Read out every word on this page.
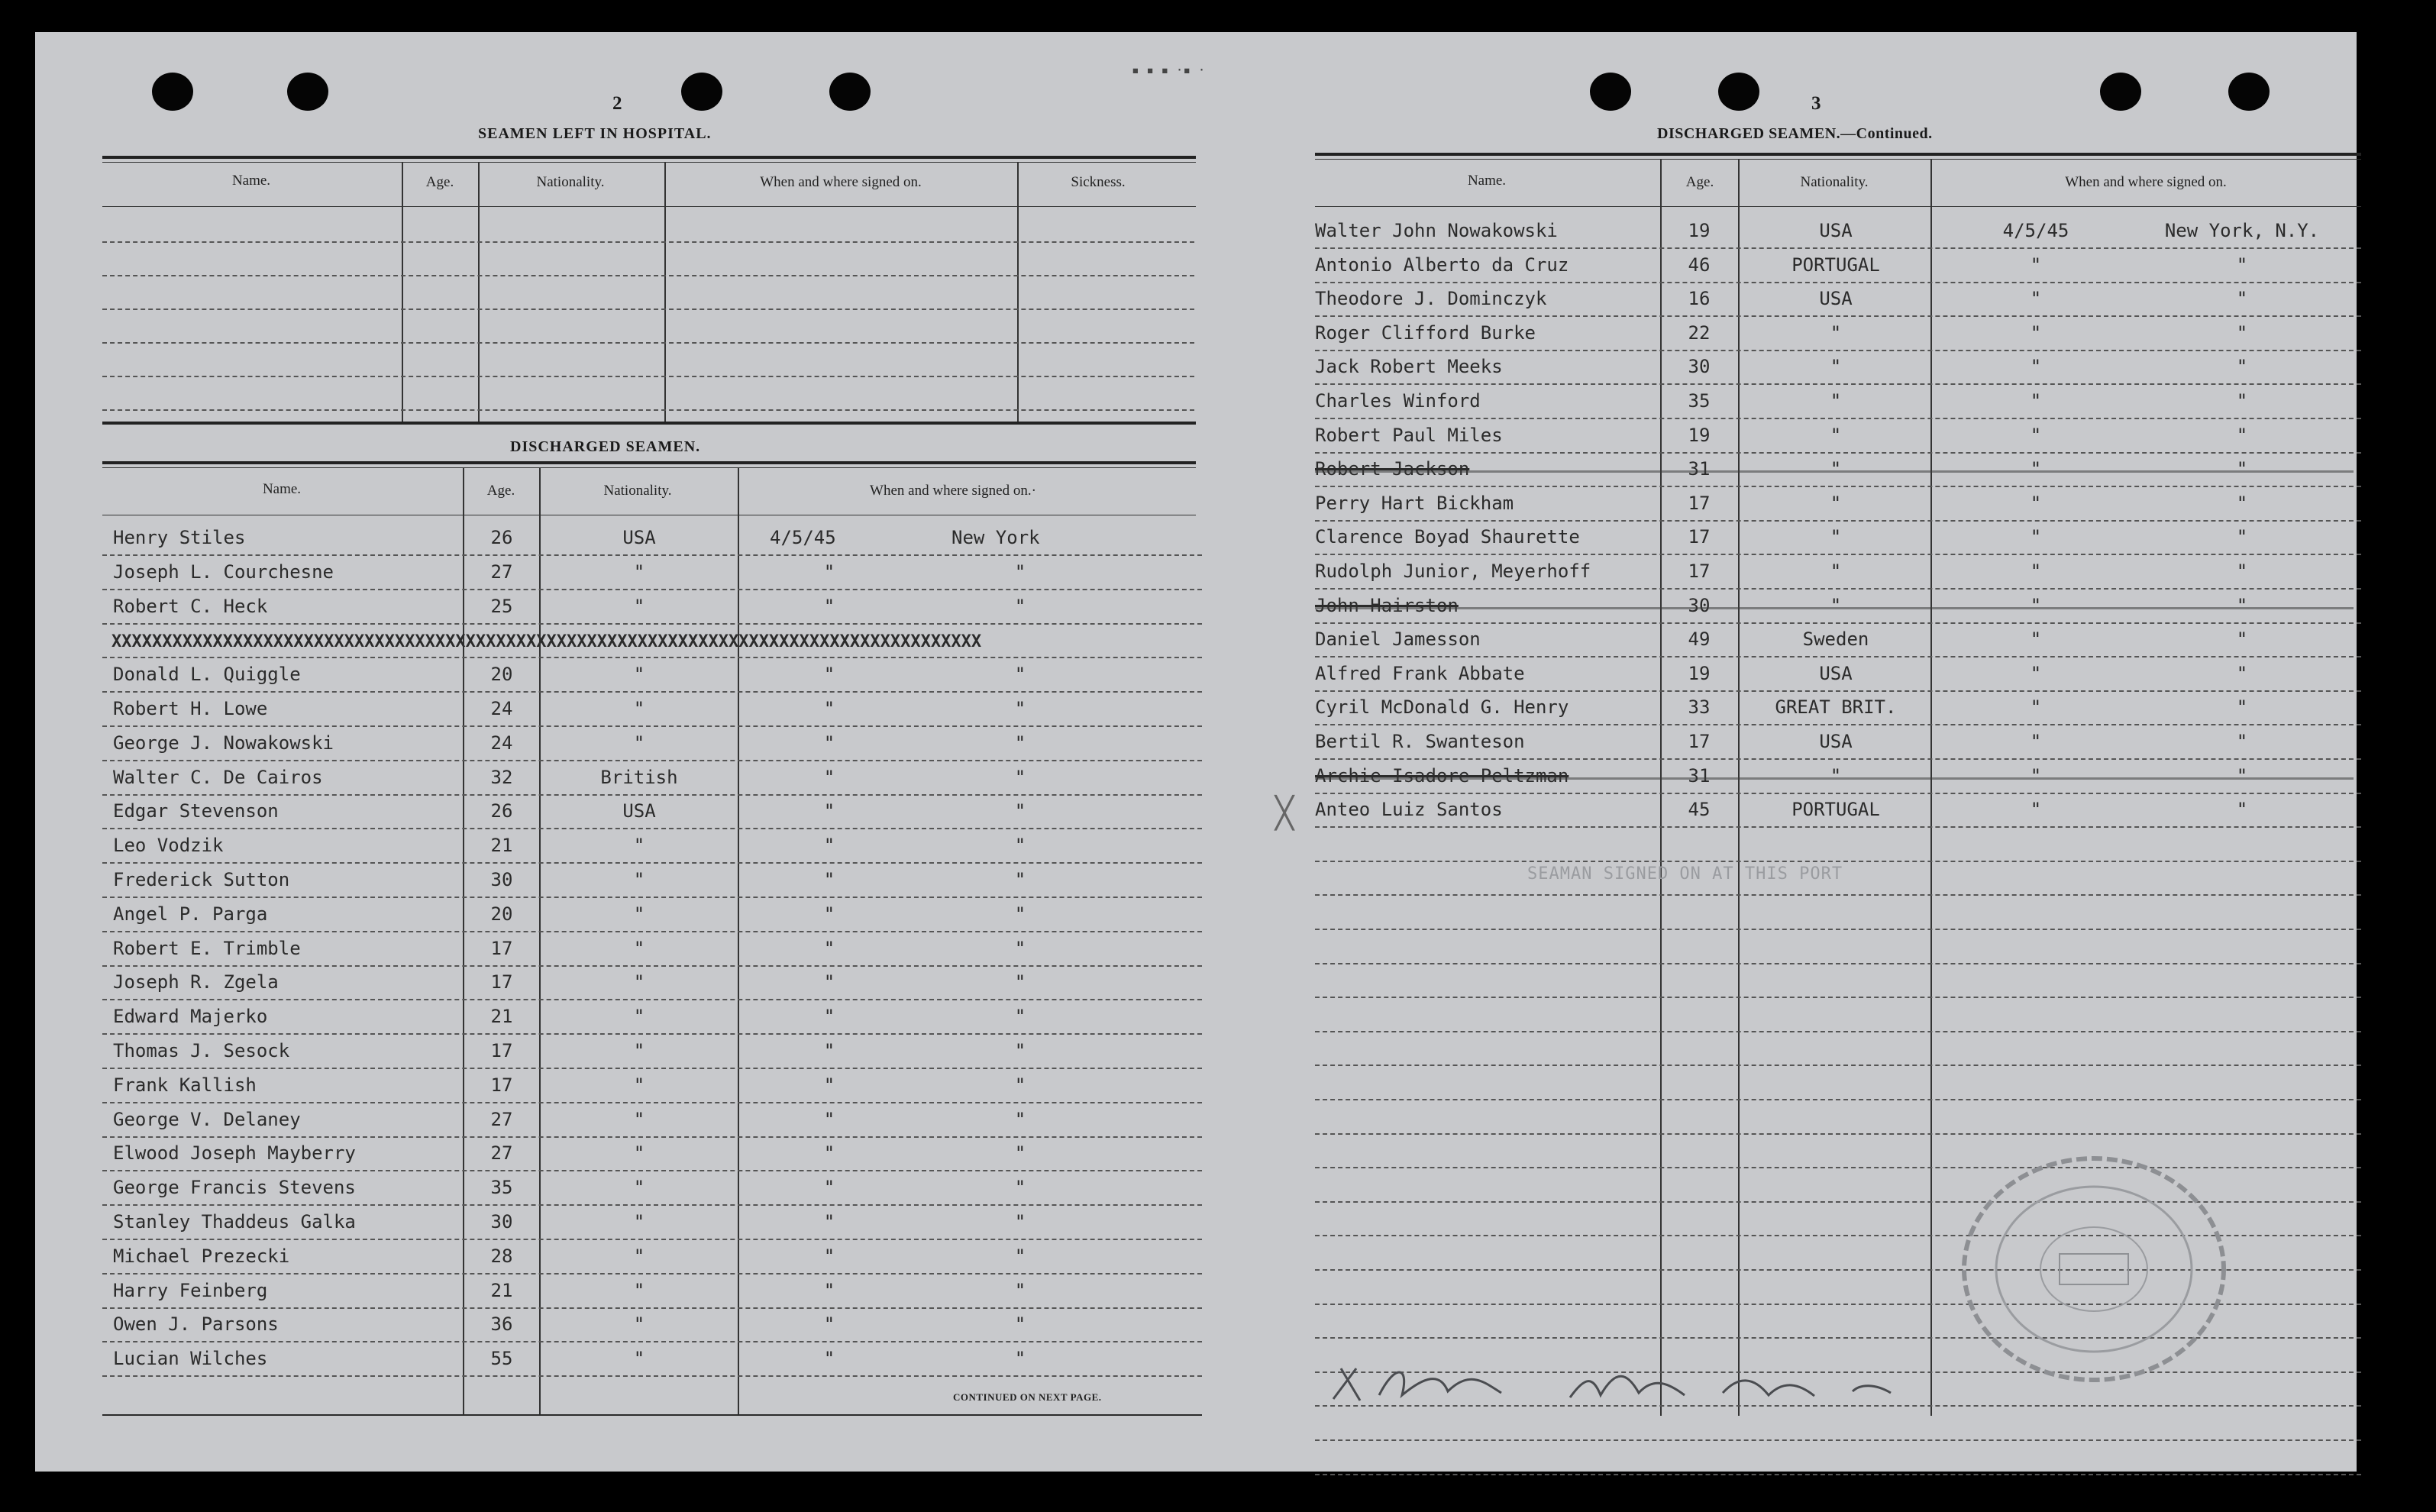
2
SEAMEN LEFT IN HOSPITAL.
Name.	Age.	Nationality.	When and where signed on.	Sickness.
DISCHARGED SEAMEN.
Name.	Age.	Nationality.	When and where signed on.·
Henry Stiles	26	USA	4/5/45	New York
Joseph L. Courchesne	27	"	"	"
Robert C. Heck	25	"	"	"
XXXXXXXXXXXXXXXXXXXXXXXXXXXXXXXXXXXXXXXXXXXXXXXXXXXXXXXXXXXXXXXXXXXXXXXXXXXXXXXXXXXXXX
Donald L. Quiggle	20	"	"	"
Robert H. Lowe	24	"	"	"
George J. Nowakowski	24	"	"	"
Walter C. De Cairos	32	British	"	"
Edgar Stevenson	26	USA	"	"
Leo Vodzik	21	"	"	"
Frederick Sutton	30	"	"	"
Angel P. Parga	20	"	"	"
Robert E. Trimble	17	"	"	"
Joseph R. Zgela	17	"	"	"
Edward Majerko	21	"	"	"
Thomas J. Sesock	17	"	"	"
Frank Kallish	17	"	"	"
George V. Delaney	27	"	"	"
Elwood Joseph Mayberry	27	"	"	"
George Francis Stevens	35	"	"	"
Stanley Thaddeus Galka	30	"	"	"
Michael Prezecki	28	"	"	"
Harry Feinberg	21	"	"	"
Owen J. Parsons	36	"	"	"
Lucian Wilches	55	"	"	"
CONTINUED ON NEXT PAGE.
3
DISCHARGED SEAMEN.—Continued.
Name.	Age.	Nationality.	When and where signed on.
Walter John Nowakowski	19	USA	4/5/45	New York, N.Y.
Antonio Alberto da Cruz	46	PORTUGAL	"	"
Theodore J. Dominczyk	16	USA	"	"
Roger Clifford Burke	22	"	"	"
Jack Robert Meeks	30	"	"	"
Charles Winford	35	"	"	"
Robert Paul Miles	19	"	"	"
Robert Jackson	31	"	"	"
Perry Hart Bickham	17	"	"	"
Clarence Boyad Shaurette	17	"	"	"
Rudolph Junior, Meyerhoff	17	"	"	"
John Hairston	30	"	"	"
Daniel Jamesson	49	Sweden	"	"
Alfred Frank Abbate	19	USA	"	"
Cyril McDonald G. Henry	33	GREAT BRIT.	"	"
Bertil R. Swanteson	17	USA	"	"
Archie Isadore Peltzman	31	"	"	"
Anteo Luiz Santos	45	PORTUGAL	"	"
SEAMAN SIGNED ON AT THIS PORT
╳
▪ ▪ ▪ ·▪ ·
